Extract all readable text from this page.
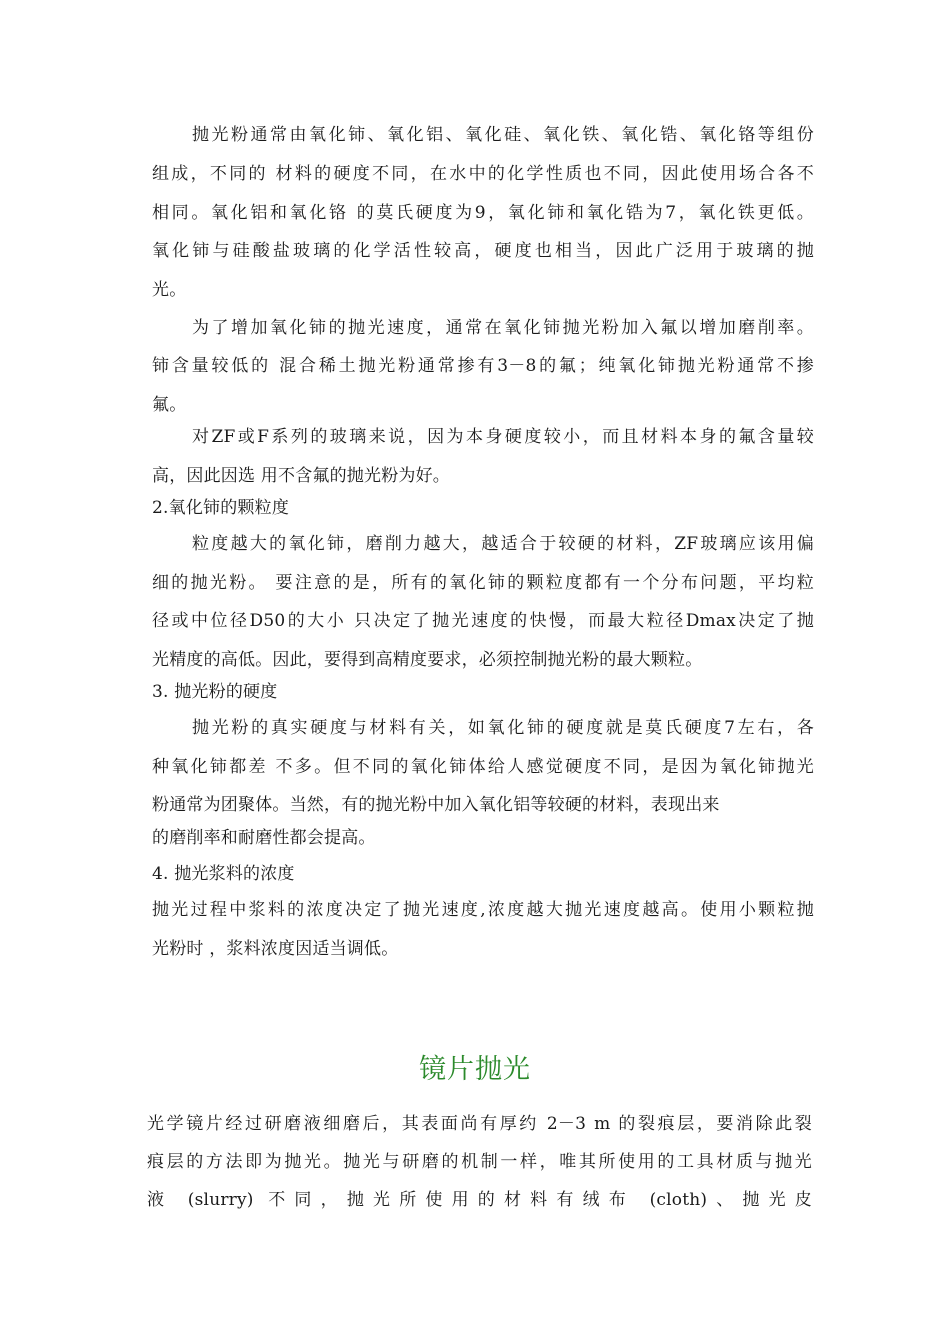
抛光粉通常由氧化铈、氧化铝、氧化硅、氧化铁、氧化锆、氧化铬等组份
组成，不同的 材料的硬度不同，在水中的化学性质也不同，因此使用场合各不
相同。氧化铝和氧化铬 的莫氏硬度为9，氧化铈和氧化锆为7，氧化铁更低。
氧化铈与硅酸盐玻璃的化学活性较高，硬度也相当，因此广泛用于玻璃的抛
光。
为了增加氧化铈的抛光速度，通常在氧化铈抛光粉加入氟以增加磨削率。
铈含量较低的 混合稀土抛光粉通常掺有3－8的氟；纯氧化铈抛光粉通常不掺
氟。
对ZF或F系列的玻璃来说，因为本身硬度较小，而且材料本身的氟含量较
高，因此因选 用不含氟的抛光粉为好。
2.氧化铈的颗粒度
粒度越大的氧化铈，磨削力越大，越适合于较硬的材料，ZF玻璃应该用偏
细的抛光粉。 要注意的是，所有的氧化铈的颗粒度都有一个分布问题，平均粒
径或中位径D50的大小 只决定了抛光速度的快慢，而最大粒径Dmax决定了抛
光精度的高低。因此，要得到高精度要求，必须控制抛光粉的最大颗粒。
3. 抛光粉的硬度
抛光粉的真实硬度与材料有关，如氧化铈的硬度就是莫氏硬度7左右，各
种氧化铈都差 不多。但不同的氧化铈体给人感觉硬度不同，是因为氧化铈抛光
粉通常为团聚体。当然，有的抛光粉中加入氧化铝等较硬的材料，表现出来
的磨削率和耐磨性都会提高。
4. 抛光浆料的浓度
抛光过程中浆料的浓度决定了抛光速度,浓度越大抛光速度越高。使用小颗粒抛
光粉时 ，浆料浓度因适当调低。
镜片抛光
光学镜片经过研磨液细磨后，其表面尚有厚约 2－3 m 的裂痕层，要消除此裂
痕层的方法即为抛光。抛光与研磨的机制一样，唯其所使用的工具材质与抛光
液 (slurry) 不同，抛光所使用的材料有绒布 (cloth)、抛光皮
